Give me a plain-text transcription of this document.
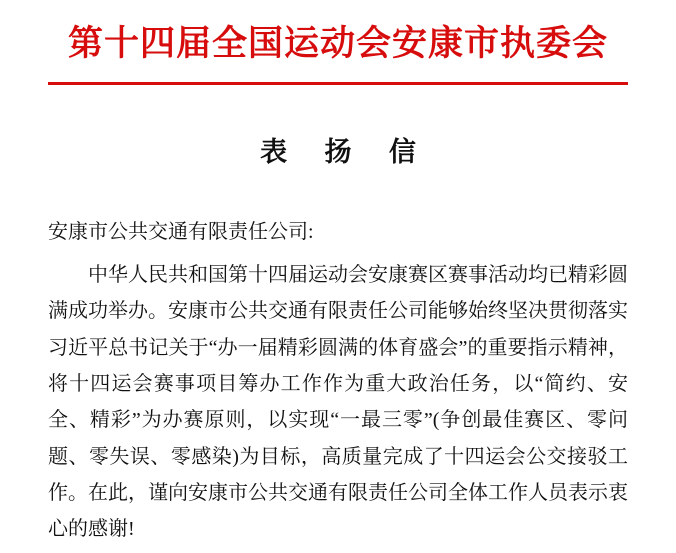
第十四届全国运动会安康市执委会
表 扬 信
安康市公共交通有限责任公司:
中华人民共和国第十四届运动会安康赛区赛事活动均已精彩圆满成功举办。安康市公共交通有限责任公司能够始终坚决贯彻落实习近平总书记关于“办一届精彩圆满的体育盛会”的重要指示精神，将十四运会赛事项目筹办工作作为重大政治任务，以“简约、安全、精彩”为办赛原则，以实现“一最三零”(争创最佳赛区、零问题、零失误、零感染)为目标，高质量完成了十四运会公交接驳工作。在此，谨向安康市公共交通有限责任公司全体工作人员表示衷心的感谢!
